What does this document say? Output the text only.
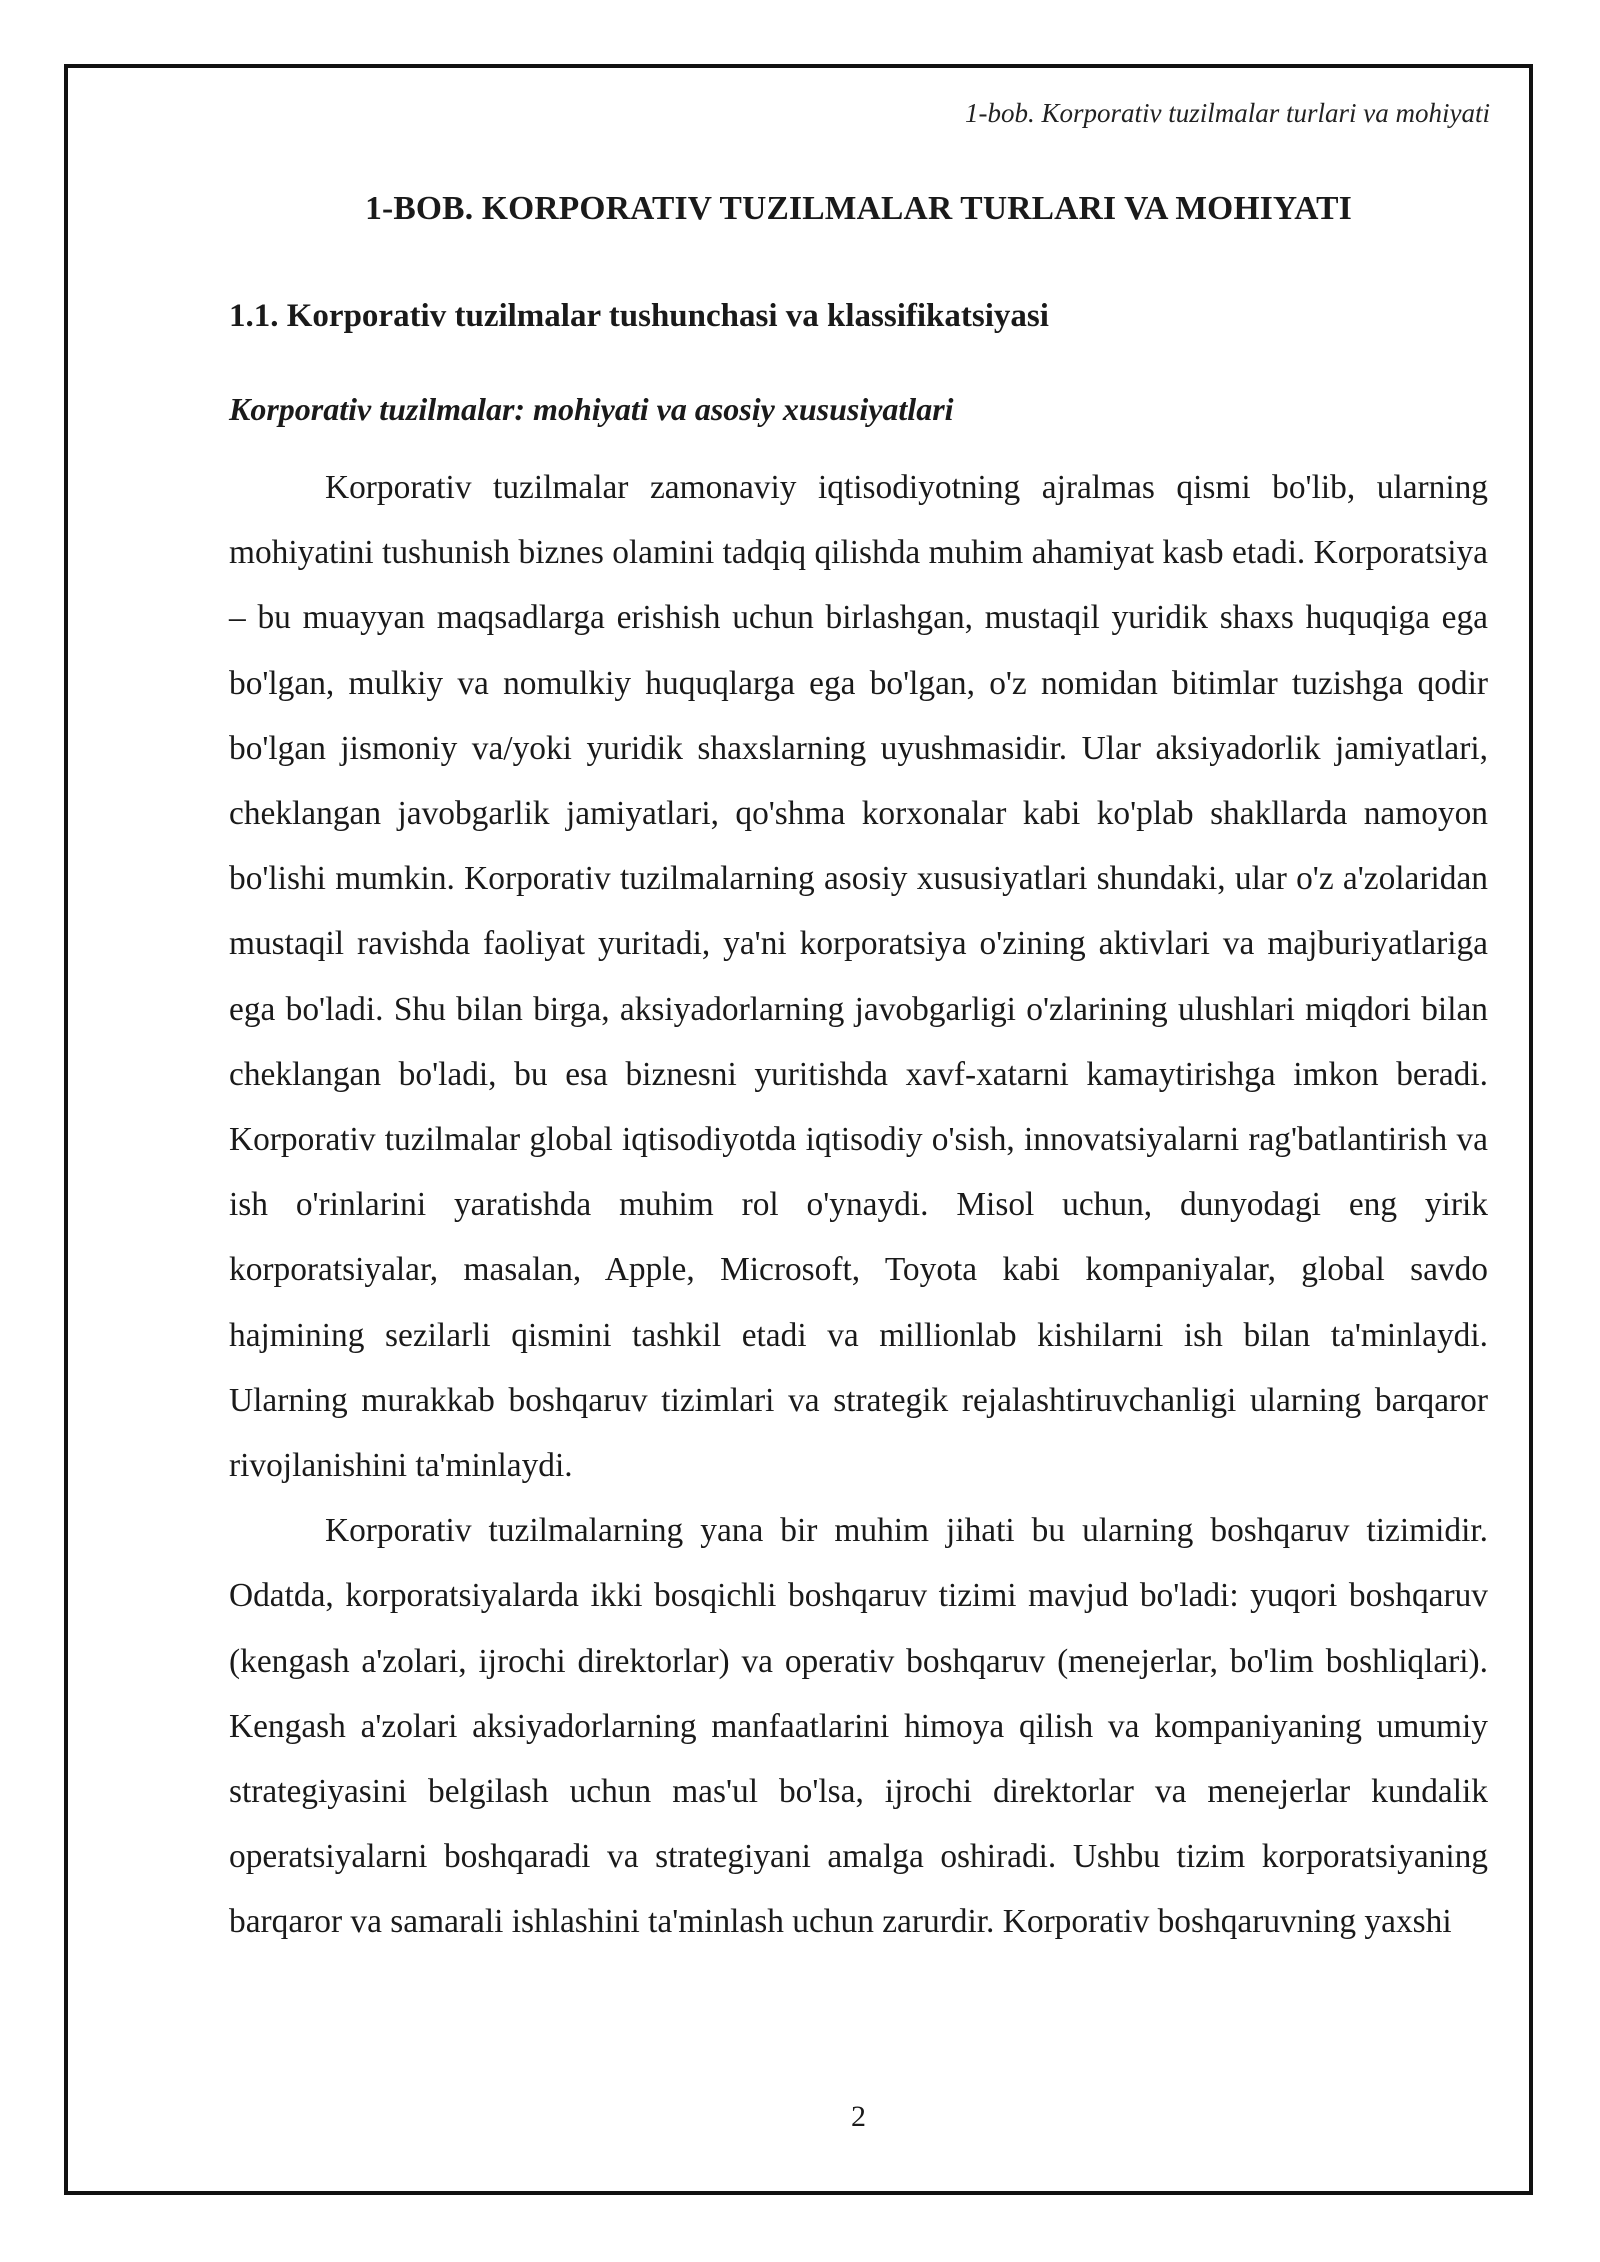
1-bob. Korporativ tuzilmalar turlari va mohiyati
1-BOB. KORPORATIV TUZILMALAR TURLARI VA MOHIYATI
1.1. Korporativ tuzilmalar tushunchasi va klassifikatsiyasi
Korporativ tuzilmalar: mohiyati va asosiy xususiyatlari

Korporativ tuzilmalar zamonaviy iqtisodiyotning ajralmas qismi bo'lib, ularning mohiyatini tushunish biznes olamini tadqiq qilishda muhim ahamiyat kasb etadi. Korporatsiya – bu muayyan maqsadlarga erishish uchun birlashgan, mustaqil yuridik shaxs huquqiga ega bo'lgan, mulkiy va nomulkiy huquqlarga ega bo'lgan, o'z nomidan bitimlar tuzishga qodir bo'lgan jismoniy va/yoki yuridik shaxslarning uyushmasidir. Ular aksiyadorlik jamiyatlari, cheklangan javobgarlik jamiyatlari, qo'shma korxonalar kabi ko'plab shakllarda namoyon bo'lishi mumkin. Korporativ tuzilmalarning asosiy xususiyatlari shundaki, ular o'z a'zolaridan mustaqil ravishda faoliyat yuritadi, ya'ni korporatsiya o'zining aktivlari va majburiyatlariga ega bo'ladi. Shu bilan birga, aksiyadorlarning javobgarligi o'zlarining ulushlari miqdori bilan cheklangan bo'ladi, bu esa biznesni yuritishda xavf-xatarni kamaytirishga imkon beradi. Korporativ tuzilmalar global iqtisodiyotda iqtisodiy o'sish, innovatsiyalarni rag'batlantirish va ish o'rinlarini yaratishda muhim rol o'ynaydi. Misol uchun, dunyodagi eng yirik korporatsiyalar, masalan, Apple, Microsoft, Toyota kabi kompaniyalar, global savdo hajmining sezilarli qismini tashkil etadi va millionlab kishilarni ish bilan ta'minlaydi. Ularning murakkab boshqaruv tizimlari va strategik rejalashtiruvchanligi ularning barqaror rivojlanishini ta'minlaydi.

Korporativ tuzilmalarning yana bir muhim jihati bu ularning boshqaruv tizimidir. Odatda, korporatsiyalarda ikki bosqichli boshqaruv tizimi mavjud bo'ladi: yuqori boshqaruv (kengash a'zolari, ijrochi direktorlar) va operativ boshqaruv (menejerlar, bo'lim boshliqlari). Kengash a'zolari aksiyadorlarning manfaatlarini himoya qilish va kompaniyaning umumiy strategiyasini belgilash uchun mas'ul bo'lsa, ijrochi direktorlar va menejerlar kundalik operatsiyalarni boshqaradi va strategiyani amalga oshiradi. Ushbu tizim korporatsiyaning barqaror va samarali ishlashini ta'minlash uchun zarurdir. Korporativ boshqaruvning yaxshi

2
